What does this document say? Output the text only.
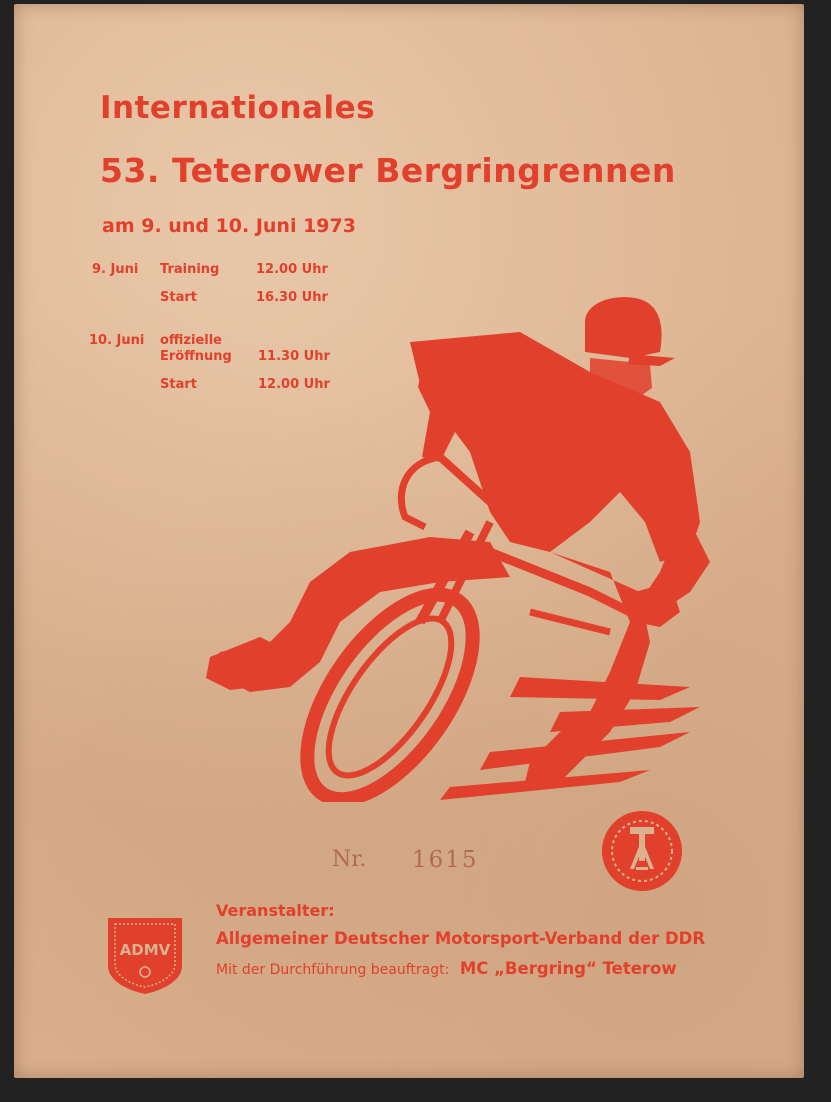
Internationales
53. Teterower Bergringrennen
am 9. und 10. Juni 1973
9. Juni Training	12.00 Uhr
Start	16.30 Uhr
10. Juni offizielle
Eröffnung 11.30 Uhr
Start	12.00 Uhr
Nr. 1615
ADMV
Veranstalter:
Allgemeiner Deutscher Motorsport-Verband der DDR
Mit der Durchführung beauftragt: MC „Bergring“ Teterow
